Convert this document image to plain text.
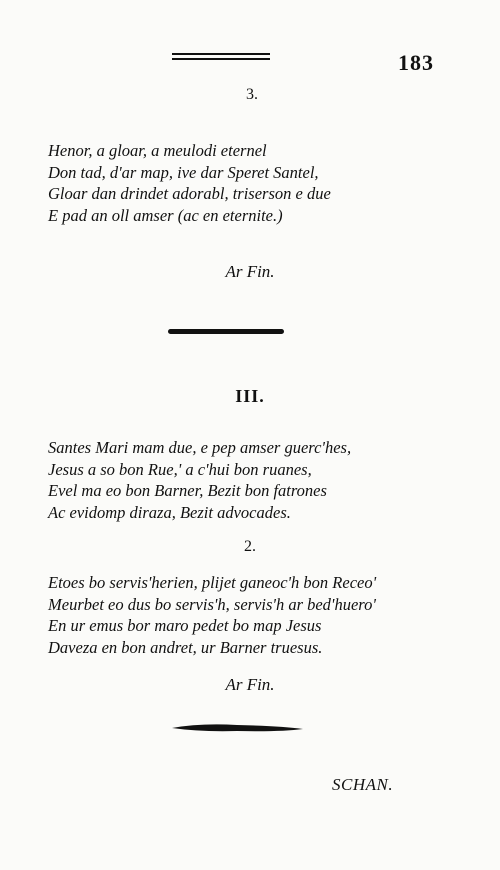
183
3.
Henor, a gloar, a meulodi eternel
Don tad, d'ar map, ive dar Speret Santel,
Gloar dan drindet adorabl, triserson e due
E pad an oll amser (ac en eternite.)
Ar Fin.
III.
Santes Mari mam due, e pep amser guerc'hes,
Jesus a so bon Rue,' a c'hui bon ruanes,
Evel ma eo bon Barner, Bezit bon fatrones
Ac evidomp diraza, Bezit advocades.
2.
Etoes bo servis'herien, plijet ganeoc'h bon Receo'
Meurbet eo dus bo servis'h, servis'h ar bed'huero'
En ur emus bor maro pedet bo map Jesus
Daveza en bon andret, ur Barner truesus.
Ar Fin.
SCHAN.
